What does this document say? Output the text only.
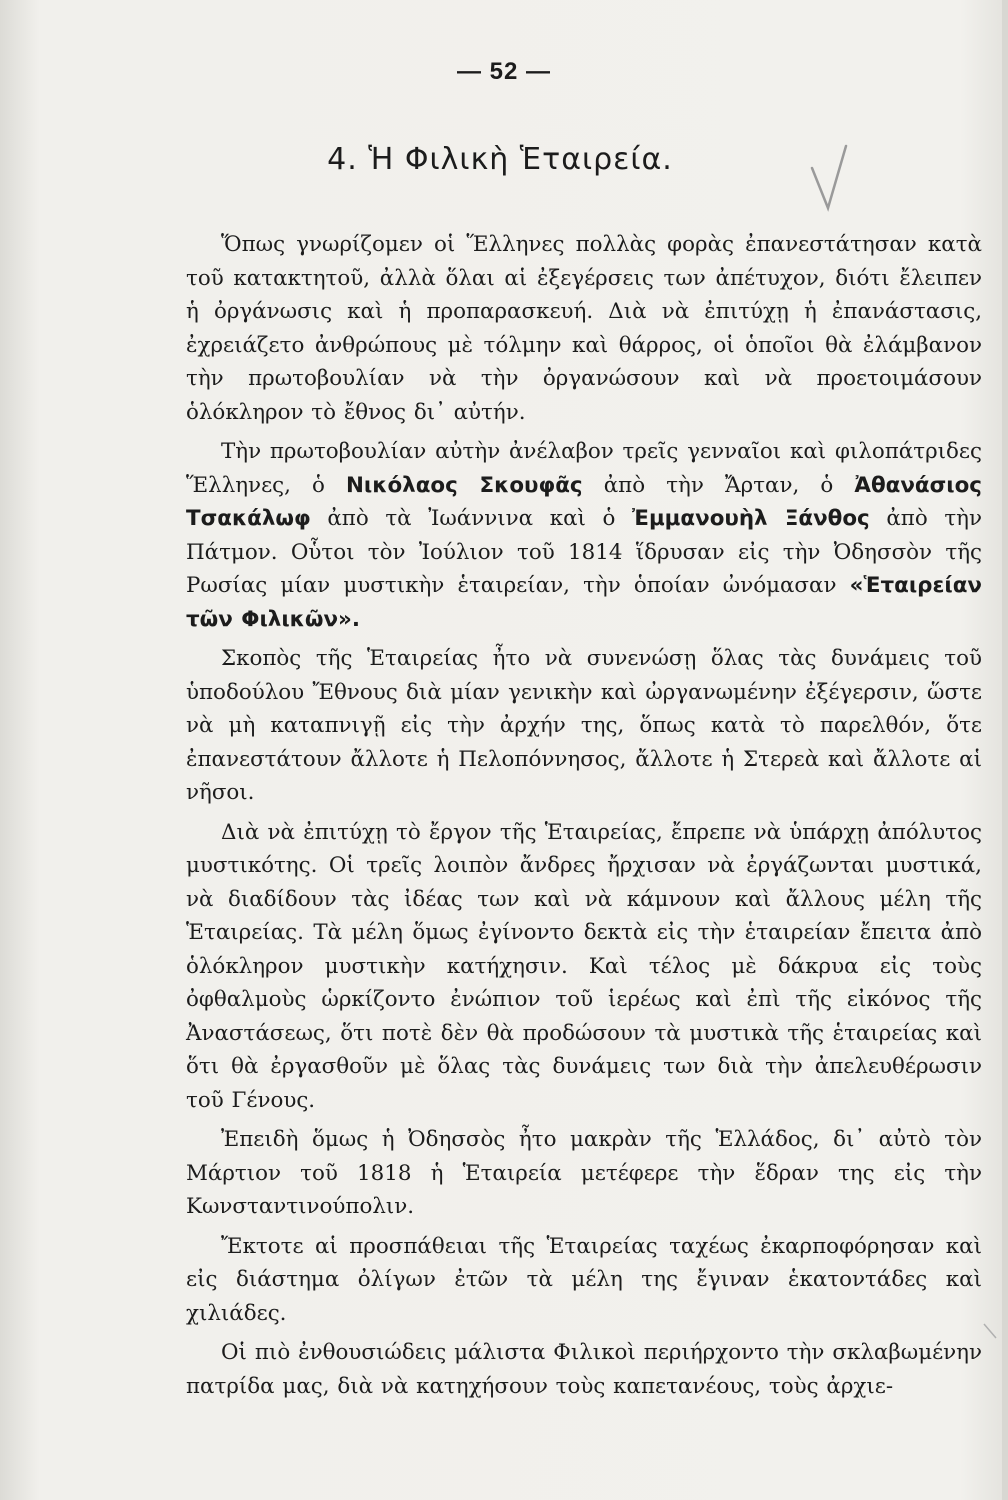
— 52 —
4. Ἡ Φιλικὴ Ἑταιρεία.

Ὅπως γνωρίζομεν οἱ Ἕλληνες πολλὰς φορὰς ἐπανεστάτησαν κατὰ τοῦ κατακτητοῦ, ἀλλὰ ὅλαι αἱ ἐξεγέρσεις των ἀπέτυχον, διότι ἔλειπεν ἡ ὀργάνωσις καὶ ἡ προπαρασκευή. Διὰ νὰ ἐπιτύχῃ ἡ ἐπανάστασις, ἐχρειάζετο ἀνθρώπους μὲ τόλμην καὶ θάρρος, οἱ ὁποῖοι θὰ ἐλάμβανον τὴν πρωτοβουλίαν νὰ τὴν ὀργανώσουν καὶ νὰ προετοιμάσουν ὁλόκληρον τὸ ἔθνος δι᾿ αὐτήν.

Τὴν πρωτοβουλίαν αὐτὴν ἀνέλαβον τρεῖς γενναῖοι καὶ φιλοπάτριδες Ἕλληνες, ὁ Νικόλαος Σκουφᾶς ἀπὸ τὴν Ἄρταν, ὁ Ἀθανάσιος Τσακάλωφ ἀπὸ τὰ Ἰωάννινα καὶ ὁ Ἐμμανουὴλ Ξάνθος ἀπὸ τὴν Πάτμον. Οὗτοι τὸν Ἰούλιον τοῦ 1814 ἵδρυσαν εἰς τὴν Ὀδησσὸν τῆς Ρωσίας μίαν μυστικὴν ἑταιρείαν, τὴν ὁποίαν ὠνόμασαν «Ἑταιρείαν τῶν Φιλικῶν».

Σκοπὸς τῆς Ἑταιρείας ἦτο νὰ συνενώσῃ ὅλας τὰς δυνάμεις τοῦ ὑποδούλου Ἔθνους διὰ μίαν γενικὴν καὶ ὠργανωμένην ἐξέγερσιν, ὥστε νὰ μὴ καταπνιγῇ εἰς τὴν ἀρχήν της, ὅπως κατὰ τὸ παρελθόν, ὅτε ἐπανεστάτουν ἄλλοτε ἡ Πελοπόννησος, ἄλλοτε ἡ Στερεὰ καὶ ἄλλοτε αἱ νῆσοι.

Διὰ νὰ ἐπιτύχῃ τὸ ἔργον τῆς Ἑταιρείας, ἔπρεπε νὰ ὑπάρχῃ ἀπόλυτος μυστικότης. Οἱ τρεῖς λοιπὸν ἄνδρες ἤρχισαν νὰ ἐργάζωνται μυστικά, νὰ διαδίδουν τὰς ἰδέας των καὶ νὰ κάμνουν καὶ ἄλλους μέλη τῆς Ἑταιρείας. Τὰ μέλη ὅμως ἐγίνοντο δεκτὰ εἰς τὴν ἑταιρείαν ἔπειτα ἀπὸ ὁλόκληρον μυστικὴν κατήχησιν. Καὶ τέλος μὲ δάκρυα εἰς τοὺς ὀφθαλμοὺς ὡρκίζοντο ἐνώπιον τοῦ ἱερέως καὶ ἐπὶ τῆς εἰκόνος τῆς Ἀναστάσεως, ὅτι ποτὲ δὲν θὰ προδώσουν τὰ μυστικὰ τῆς ἑταιρείας καὶ ὅτι θὰ ἐργασθοῦν μὲ ὅλας τὰς δυνάμεις των διὰ τὴν ἀπελευθέρωσιν τοῦ Γένους.

Ἐπειδὴ ὅμως ἡ Ὀδησσὸς ἦτο μακρὰν τῆς Ἑλλάδος, δι᾿ αὐτὸ τὸν Μάρτιον τοῦ 1818 ἡ Ἑταιρεία μετέφερε τὴν ἕδραν της εἰς τὴν Κωνσταντινούπολιν.

Ἔκτοτε αἱ προσπάθειαι τῆς Ἑταιρείας ταχέως ἐκαρποφόρησαν καὶ εἰς διάστημα ὀλίγων ἐτῶν τὰ μέλη της ἔγιναν ἑκατοντάδες καὶ χιλιάδες.

Οἱ πιὸ ἐνθουσιώδεις μάλιστα Φιλικοὶ περιήρχοντο τὴν σκλαβωμένην πατρίδα μας, διὰ νὰ κατηχήσουν τοὺς καπετανέους, τοὺς ἀρχιε-
